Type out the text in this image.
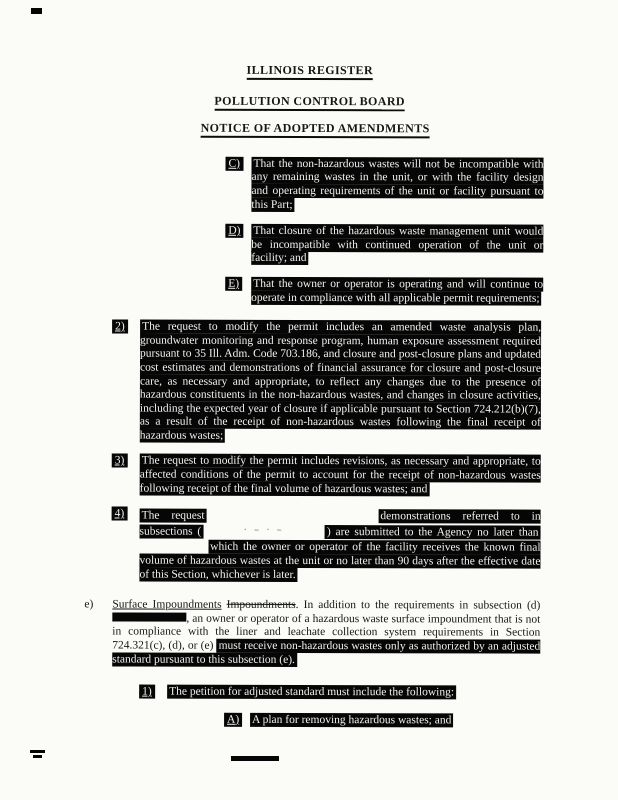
ILLINOIS REGISTER
POLLUTION CONTROL BOARD
NOTICE OF ADOPTED AMENDMENTS
C)	That the non-hazardous wastes will not be incompatible with any remaining wastes in the unit, or with the facility design and operating requirements of the unit or facility pursuant to this Part;
D)	That closure of the hazardous waste management unit would be incompatible with continued operation of the unit or facility; and
E)	That the owner or operator is operating and will continue to operate in compliance with all applicable permit requirements;
2)	The request to modify the permit includes an amended waste analysis plan, groundwater monitoring and response program, human exposure assessment required pursuant to 35 Ill. Adm. Code 703.186, and closure and post-closure plans and updated cost estimates and demonstrations of financial assurance for closure and post-closure care, as necessary and appropriate, to reflect any changes due to the presence of hazardous constituents in the non-hazardous wastes, and changes in closure activities, including the expected year of closure if applicable pursuant to Section 724.212(b)(7), as a result of the receipt of non-hazardous wastes following the final receipt of hazardous wastes;
3)	The request to modify the permit includes revisions, as necessary and appropriate, to affected conditions of the permit to account for the receipt of non-hazardous wastes following receipt of the final volume of hazardous wastes; and
4)	The request	demonstrations referred to in subsections (	· – · –	) are submitted to the Agency no later than  which the owner or operator of the facility receives the known final volume of hazardous wastes at the unit or no later than 90 days after the effective date of this Section, whichever is later.
e)	Surface Impoundments Impoundments. In addition to the requirements in subsection (d) , an owner or operator of a hazardous waste surface impoundment that is not in compliance with the liner and leachate collection system requirements in Section 724.321(c), (d), or (e) must receive non-hazardous wastes only as authorized by an adjusted standard pursuant to this subsection (e).
1)	The petition for adjusted standard must include the following:
A)	A plan for removing hazardous wastes; and
